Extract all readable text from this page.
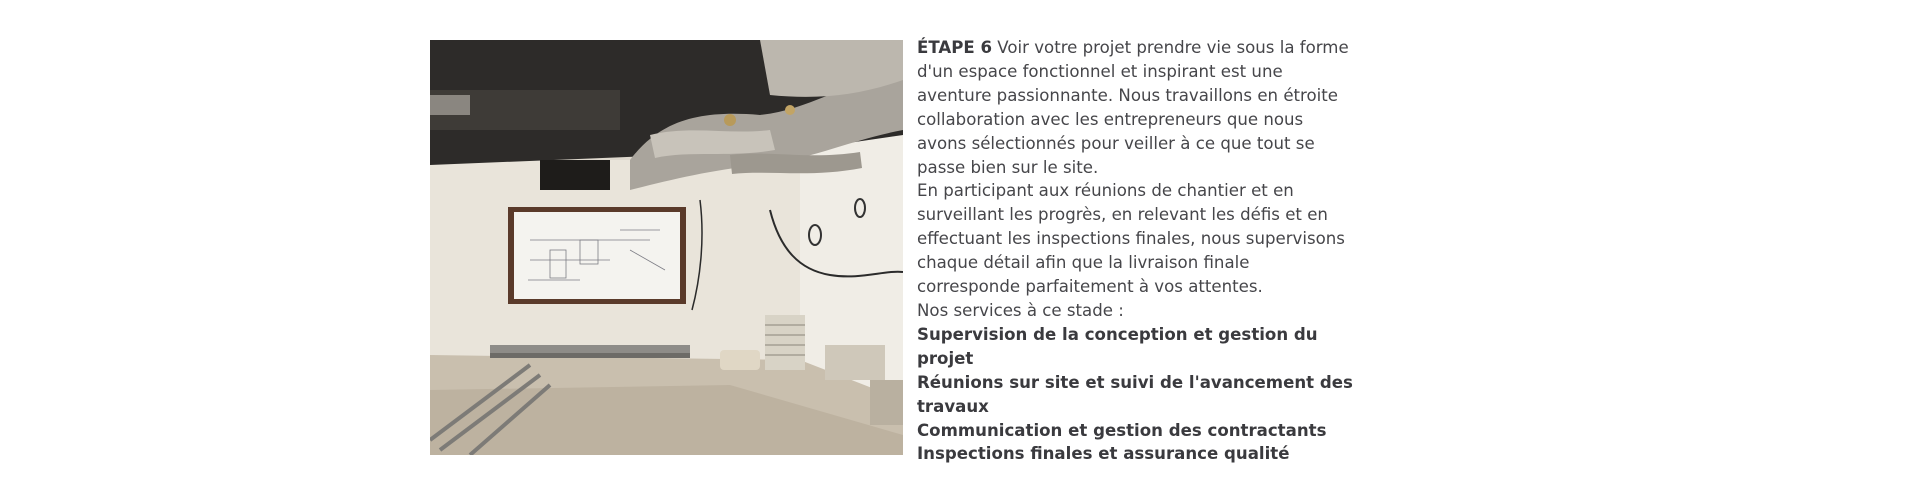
ÉTAPE 6 Voir votre projet prendre vie sous la forme d'un espace fonctionnel et inspirant est une aventure passionnante. Nous travaillons en étroite collaboration avec les entrepreneurs que nous avons sélectionnés pour veiller à ce que tout se passe bien sur le site.

En participant aux réunions de chantier et en surveillant les progrès, en relevant les défis et en effectuant les inspections finales, nous supervisons chaque détail afin que la livraison finale corresponde parfaitement à vos attentes.

Nos services à ce stade :

Supervision de la conception et gestion du projet
Réunions sur site et suivi de l'avancement des travaux
Communication et gestion des contractants
Inspections finales et assurance qualité
